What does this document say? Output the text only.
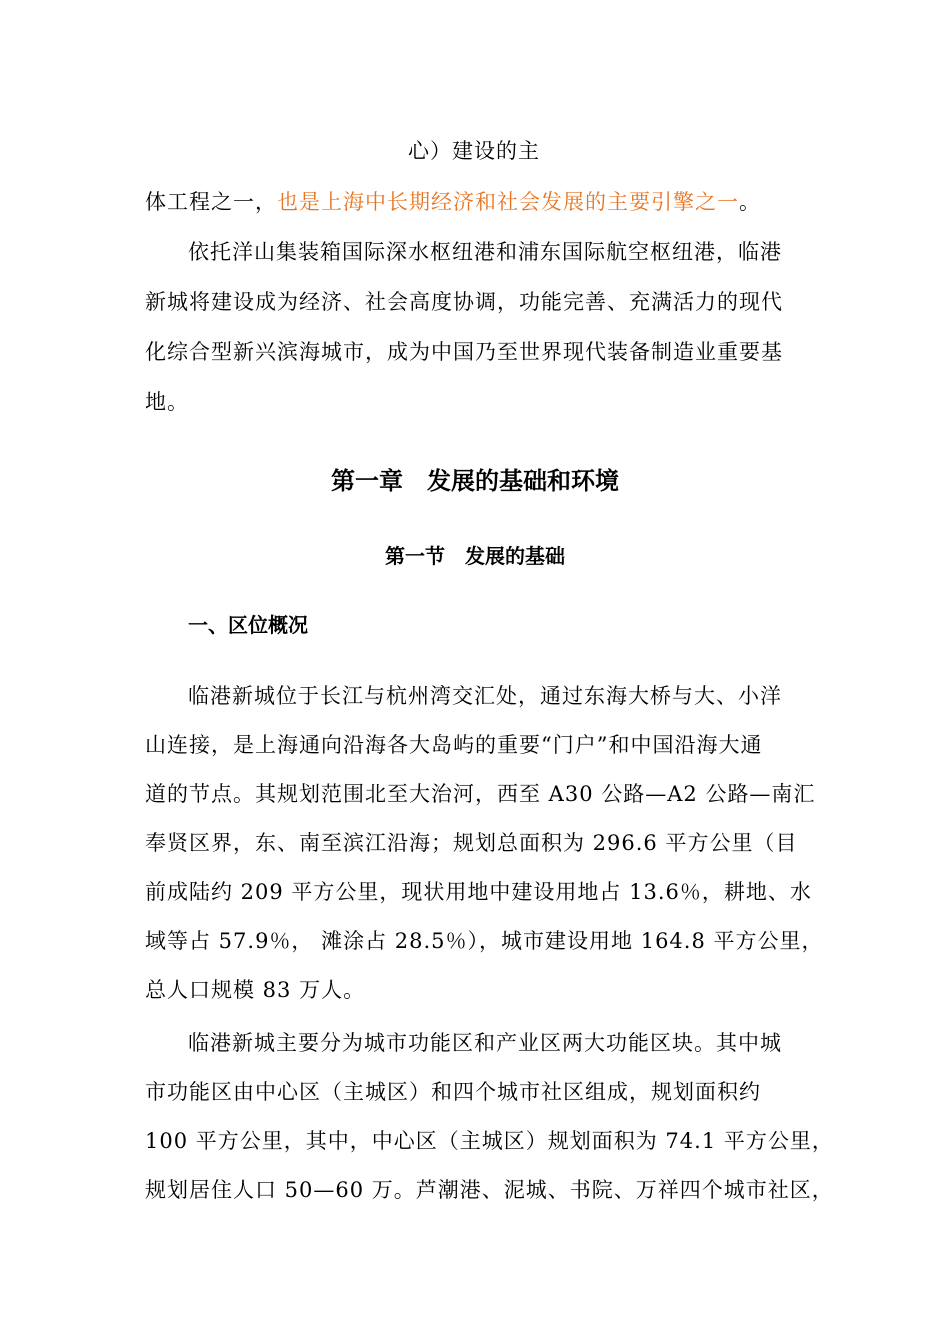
心）建设的主

体工程之一，也是上海中长期经济和社会发展的主要引擎之一。

依托洋山集装箱国际深水枢纽港和浦东国际航空枢纽港，临港

新城将建设成为经济、社会高度协调，功能完善、充满活力的现代

化综合型新兴滨海城市，成为中国乃至世界现代装备制造业重要基

地。

第一章　发展的基础和环境
第一节　发展的基础
一、区位概况

临港新城位于长江与杭州湾交汇处，通过东海大桥与大、小洋

山连接，是上海通向沿海各大岛屿的重要“门户”和中国沿海大通

道的节点。其规划范围北至大治河，西至 A30 公路—A2 公路—南汇

奉贤区界，东、南至滨江沿海；规划总面积为 296.6 平方公里（目

前成陆约 209 平方公里，现状用地中建设用地占 13.6％，耕地、水

域等占 57.9％， 滩涂占 28.5％），城市建设用地 164.8 平方公里，

总人口规模 83 万人。

临港新城主要分为城市功能区和产业区两大功能区块。其中城

市功能区由中心区（主城区）和四个城市社区组成，规划面积约

100 平方公里，其中，中心区（主城区）规划面积为 74.1 平方公里，

规划居住人口 50—60 万。芦潮港、泥城、书院、万祥四个城市社区，
